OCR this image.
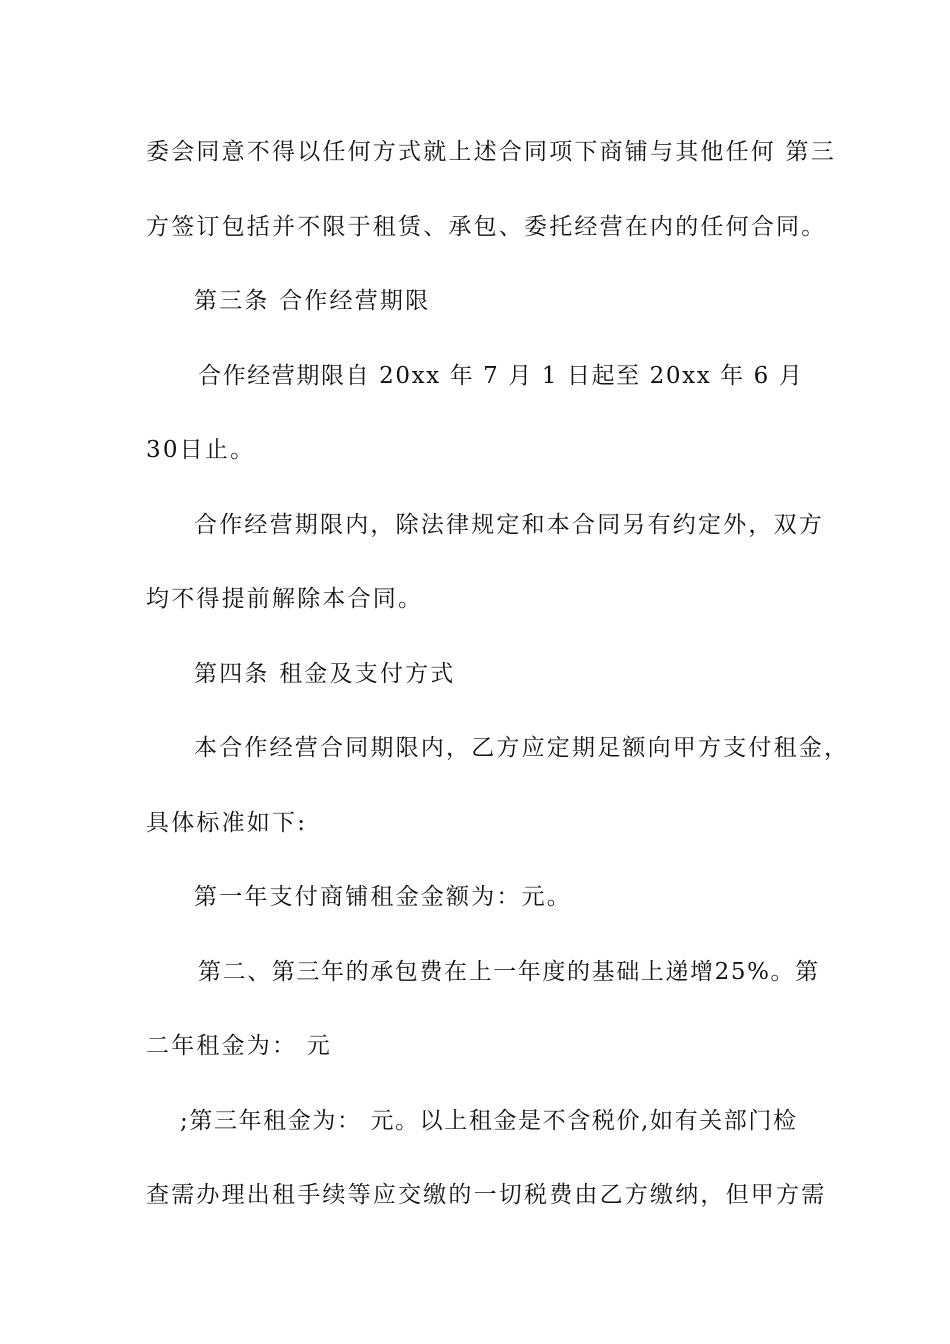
委会同意不得以任何方式就上述合同项下商铺与其他任何 第三
方签订包括并不限于租赁、承包、委托经营在内的任何合同。
第三条 合作经营期限
合作经营期限自 20xx 年 7 月 1 日起至 20xx 年 6 月
30日止。
合作经营期限内，除法律规定和本合同另有约定外，双方
均不得提前解除本合同。
第四条 租金及支付方式
本合作经营合同期限内，乙方应定期足额向甲方支付租金，
具体标准如下:
第一年支付商铺租金金额为：元。
第二、第三年的承包费在上一年度的基础上递增25%。第
二年租金为： 元
;第三年租金为： 元。以上租金是不含税价,如有关部门检
查需办理出租手续等应交缴的一切税费由乙方缴纳，但甲方需
